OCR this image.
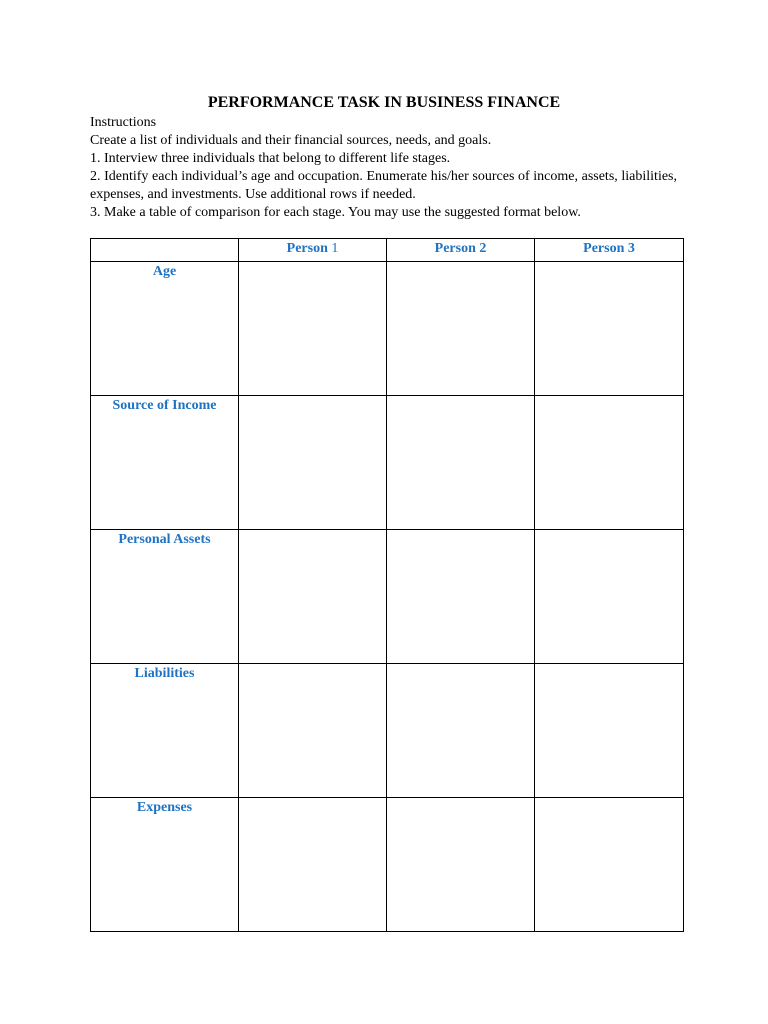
PERFORMANCE TASK IN BUSINESS FINANCE

Instructions

Create a list of individuals and their financial sources, needs, and goals.

1. Interview three individuals that belong to different life stages.

2. Identify each individual’s age and occupation. Enumerate his/her sources of income, assets, liabilities, expenses, and investments. Use additional rows if needed.

3. Make a table of comparison for each stage. You may use the suggested format below.

	Person 1	Person 2	Person 3
Age			
Source of Income			
Personal Assets			
Liabilities			
Expenses			
